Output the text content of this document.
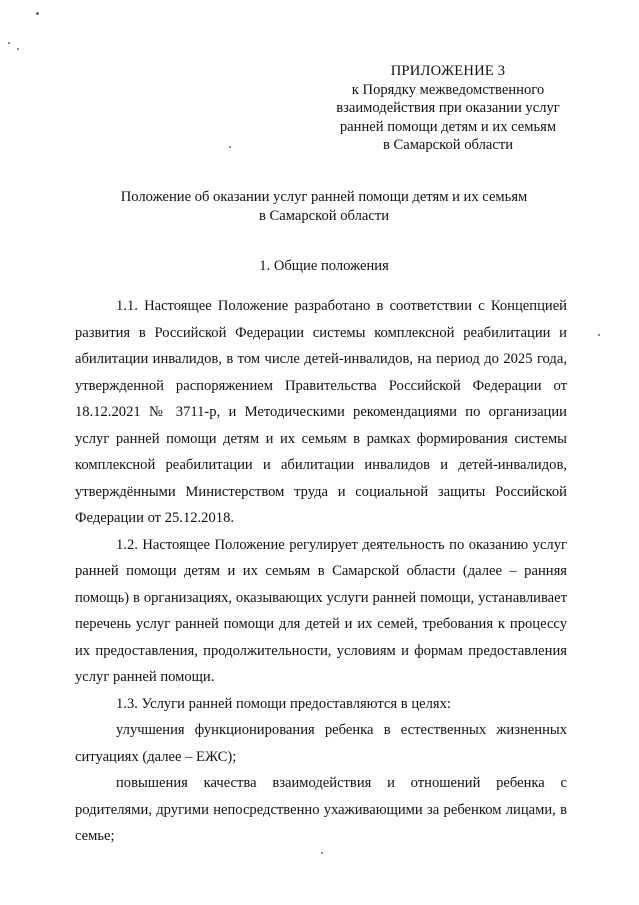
ПРИЛОЖЕНИЕ 3
к Порядку межведомственного
взаимодействия при оказании услуг
ранней помощи детям и их семьям
в Самарской области
Положение об оказании услуг ранней помощи детям и их семьям
в Самарской области
1. Общие положения

1.1. Настоящее Положение разработано в соответствии с Концепцией развития в Российской Федерации системы комплексной реабилитации и абилитации инвалидов, в том числе детей-инвалидов, на период до 2025 года, утвержденной распоряжением Правительства Российской Федерации от 18.12.2021 № 3711-р, и Методическими рекомендациями по организации услуг ранней помощи детям и их семьям в рамках формирования системы комплексной реабилитации и абилитации инвалидов и детей-инвалидов, утверждёнными Министерством труда и социальной защиты Российской Федерации от 25.12.2018.

1.2. Настоящее Положение регулирует деятельность по оказанию услуг ранней помощи детям и их семьям в Самарской области (далее – ранняя помощь) в организациях, оказывающих услуги ранней помощи, устанавливает перечень услуг ранней помощи для детей и их семей, требования к процессу их предоставления, продолжительности, условиям и формам предоставления услуг ранней помощи.

1.3. Услуги ранней помощи предоставляются в целях:

улучшения функционирования ребенка в естественных жизненных ситуациях (далее – ЕЖС);

повышения качества взаимодействия и отношений ребенка с родителями, другими непосредственно ухаживающими за ребенком лицами, в семье;
